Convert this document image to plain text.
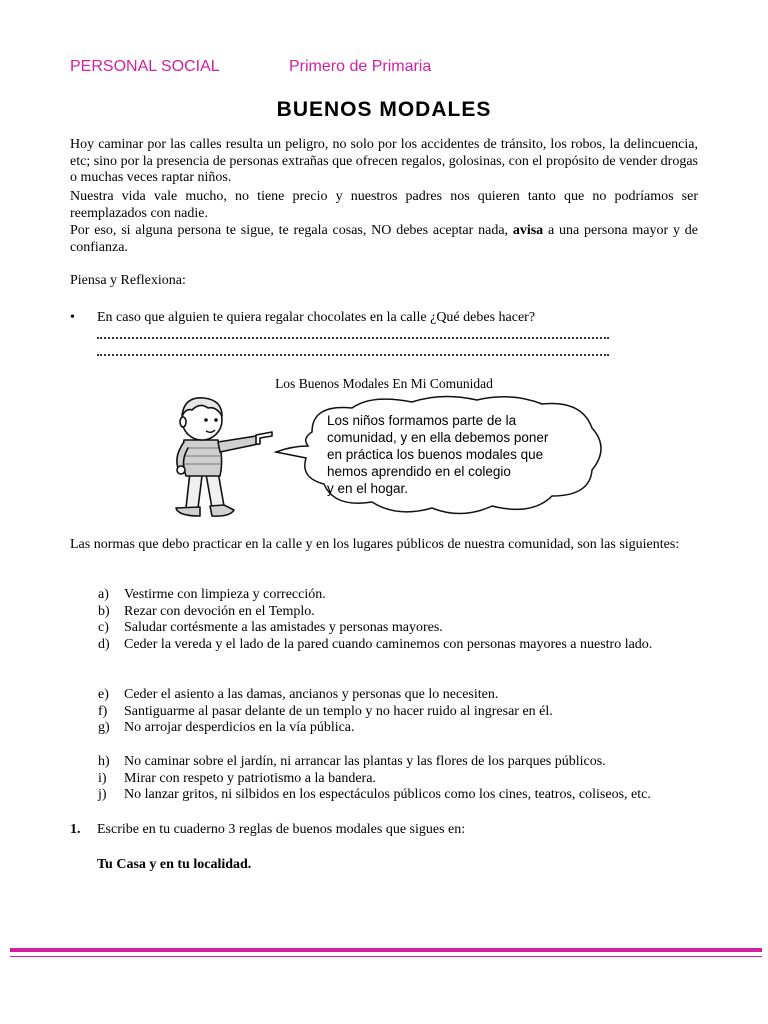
PERSONAL SOCIAL	Primero de Primaria
BUENOS MODALES
Hoy caminar por las calles resulta un peligro, no solo por los accidentes de tránsito, los robos, la delincuencia, etc; sino por la presencia de personas extrañas que ofrecen regalos, golosinas, con el propósito de vender drogas o muchas veces raptar niños.
Nuestra vida vale mucho, no tiene precio y nuestros padres nos quieren tanto que no podríamos ser reemplazados con nadie.
Por eso, si alguna persona te sigue, te regala cosas, NO debes aceptar nada, avisa a una persona mayor y de confianza.
Piensa y Reflexiona:
• En caso que alguien te quiera regalar chocolates en la calle ¿Qué debes hacer?
Los Buenos Modales En Mi Comunidad
Los niños formamos parte de la
comunidad, y en ella debemos poner
en práctica los buenos modales que
hemos aprendido en el colegio
y en el hogar.
Las normas que debo practicar en la calle y en los lugares públicos de nuestra comunidad, son las siguientes:
a) Vestirme con limpieza y corrección.
b) Rezar con devoción en el Templo.
c) Saludar cortésmente a las amistades y personas mayores.
d) Ceder la vereda y el lado de la pared cuando caminemos con personas mayores a nuestro lado.
e) Ceder el asiento a las damas, ancianos y personas que lo necesiten.
f) Santiguarme al pasar delante de un templo y no hacer ruido al ingresar en él.
g) No arrojar desperdicios en la vía pública.
h) No caminar sobre el jardín, ni arrancar las plantas y las flores de los parques públicos.
i) Mirar con respeto y patriotismo a la bandera.
j) No lanzar gritos, ni silbidos en los espectáculos públicos como los cines, teatros, coliseos, etc.
1. Escribe en tu cuaderno 3 reglas de buenos modales que sigues en:
Tu Casa y en tu localidad.
